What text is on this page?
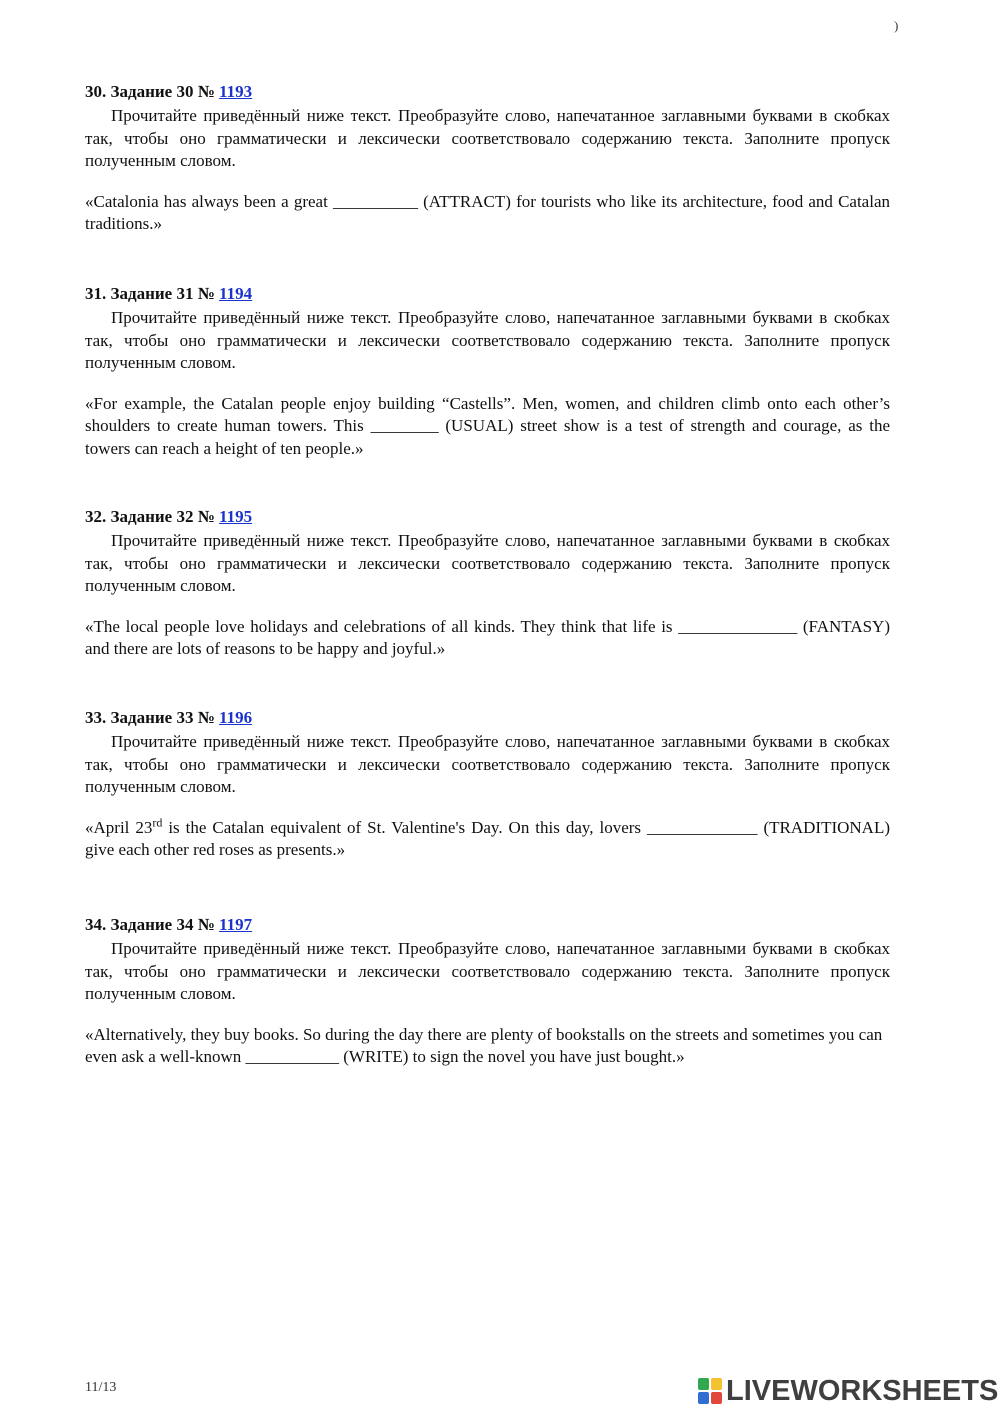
)

30. Задание 30 № 1193

Прочитайте приведённый ниже текст. Преобразуйте слово, напечатанное заглавными буквами в скобках так, чтобы оно грамматически и лексически соответствовало содержанию текста. Заполните пропуск полученным словом.

«Catalonia has always been a great __________ (ATTRACT) for tourists who like its architecture, food and Catalan traditions.»

31. Задание 31 № 1194

Прочитайте приведённый ниже текст. Преобразуйте слово, напечатанное заглавными буквами в скобках так, чтобы оно грамматически и лексически соответствовало содержанию текста. Заполните пропуск полученным словом.

«For example, the Catalan people enjoy building “Castells”. Men, women, and children climb onto each other’s shoulders to create human towers. This ________ (USUAL) street show is a test of strength and courage, as the towers can reach a height of ten people.»

32. Задание 32 № 1195

Прочитайте приведённый ниже текст. Преобразуйте слово, напечатанное заглавными буквами в скобках так, чтобы оно грамматически и лексически соответствовало содержанию текста. Заполните пропуск полученным словом.

«The local people love holidays and celebrations of all kinds. They think that life is ______________ (FANTASY) and there are lots of reasons to be happy and joyful.»

33. Задание 33 № 1196

Прочитайте приведённый ниже текст. Преобразуйте слово, напечатанное заглавными буквами в скобках так, чтобы оно грамматически и лексически соответствовало содержанию текста. Заполните пропуск полученным словом.

«April 23rd is the Catalan equivalent of St. Valentine's Day. On this day, lovers _____________ (TRADITIONAL) give each other red roses as presents.»

34. Задание 34 № 1197

Прочитайте приведённый ниже текст. Преобразуйте слово, напечатанное заглавными буквами в скобках так, чтобы оно грамматически и лексически соответствовало содержанию текста. Заполните пропуск полученным словом.

«Alternatively, they buy books. So during the day there are plenty of bookstalls on the streets and sometimes you can
even ask a well-known ___________ (WRITE) to sign the novel you have just bought.»

11/13	LIVEWORKSHEETS
